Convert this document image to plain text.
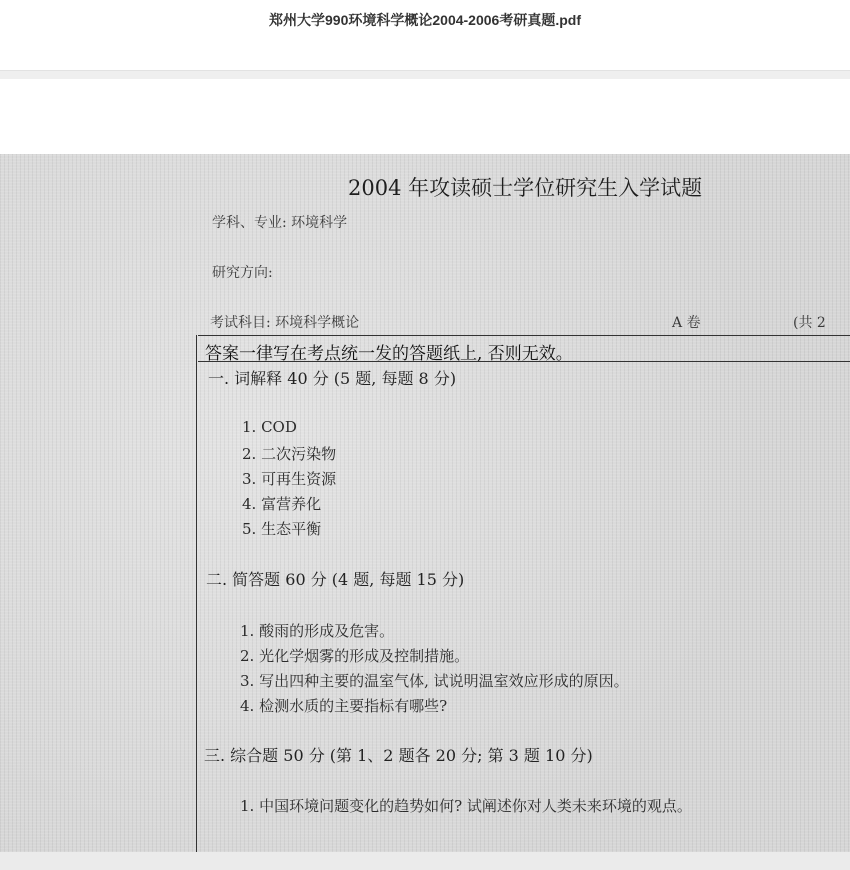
郑州大学990环境科学概论2004-2006考研真题.pdf
2004 年攻读硕士学位研究生入学试题
学科、专业: 环境科学
研究方向:
考试科目: 环境科学概论	A 卷	(共 2
答案一律写在考点统一发的答题纸上, 否则无效。
一. 词解释 40 分 (5 题, 每题 8 分)
1. COD
2. 二次污染物
3. 可再生资源
4. 富营养化
5. 生态平衡
二. 简答题 60 分 (4 题, 每题 15 分)
1. 酸雨的形成及危害。
2. 光化学烟雾的形成及控制措施。
3. 写出四种主要的温室气体, 试说明温室效应形成的原因。
4. 检测水质的主要指标有哪些?
三. 综合题 50 分 (第 1、2 题各 20 分; 第 3 题 10 分)
1. 中国环境问题变化的趋势如何? 试阐述你对人类未来环境的观点。
